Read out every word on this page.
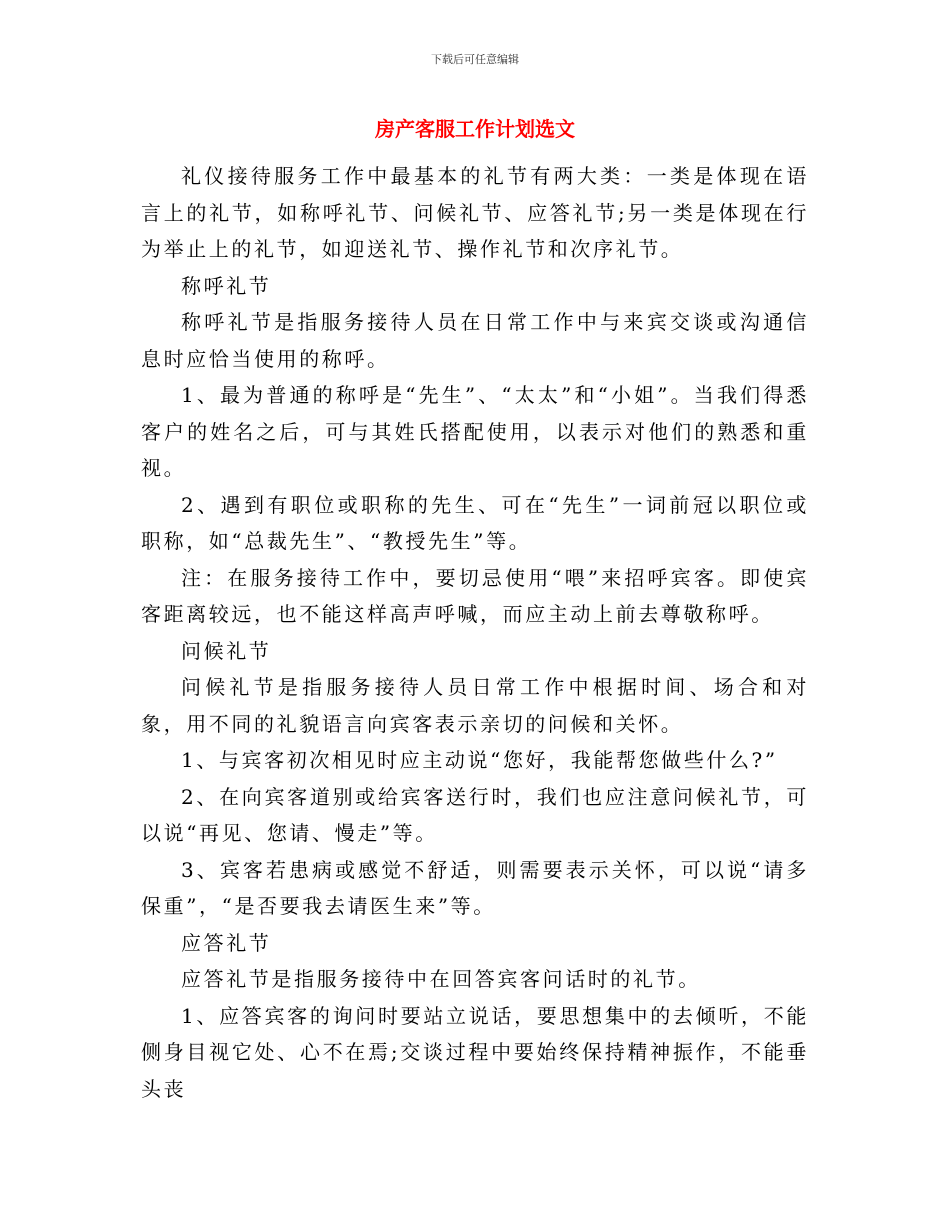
下载后可任意编辑
房产客服工作计划选文

礼仪接待服务工作中最基本的礼节有两大类：一类是体现在语言上的礼节，如称呼礼节、问候礼节、应答礼节;另一类是体现在行为举止上的礼节，如迎送礼节、操作礼节和次序礼节。

称呼礼节

称呼礼节是指服务接待人员在日常工作中与来宾交谈或沟通信息时应恰当使用的称呼。

1、最为普通的称呼是“先生”、“太太”和“小姐”。当我们得悉客户的姓名之后，可与其姓氏搭配使用，以表示对他们的熟悉和重视。

2、遇到有职位或职称的先生、可在“先生”一词前冠以职位或职称，如“总裁先生”、“教授先生”等。

注：在服务接待工作中，要切忌使用“喂”来招呼宾客。即使宾客距离较远，也不能这样高声呼喊，而应主动上前去尊敬称呼。

问候礼节

问候礼节是指服务接待人员日常工作中根据时间、场合和对象，用不同的礼貌语言向宾客表示亲切的问候和关怀。

1、与宾客初次相见时应主动说“您好，我能帮您做些什么?”

2、在向宾客道别或给宾客送行时，我们也应注意问候礼节，可以说“再见、您请、慢走”等。

3、宾客若患病或感觉不舒适，则需要表示关怀，可以说“请多保重”，“是否要我去请医生来”等。

应答礼节

应答礼节是指服务接待中在回答宾客问话时的礼节。

1、应答宾客的询问时要站立说话，要思想集中的去倾听，不能侧身目视它处、心不在焉;交谈过程中要始终保持精神振作，不能垂头丧
